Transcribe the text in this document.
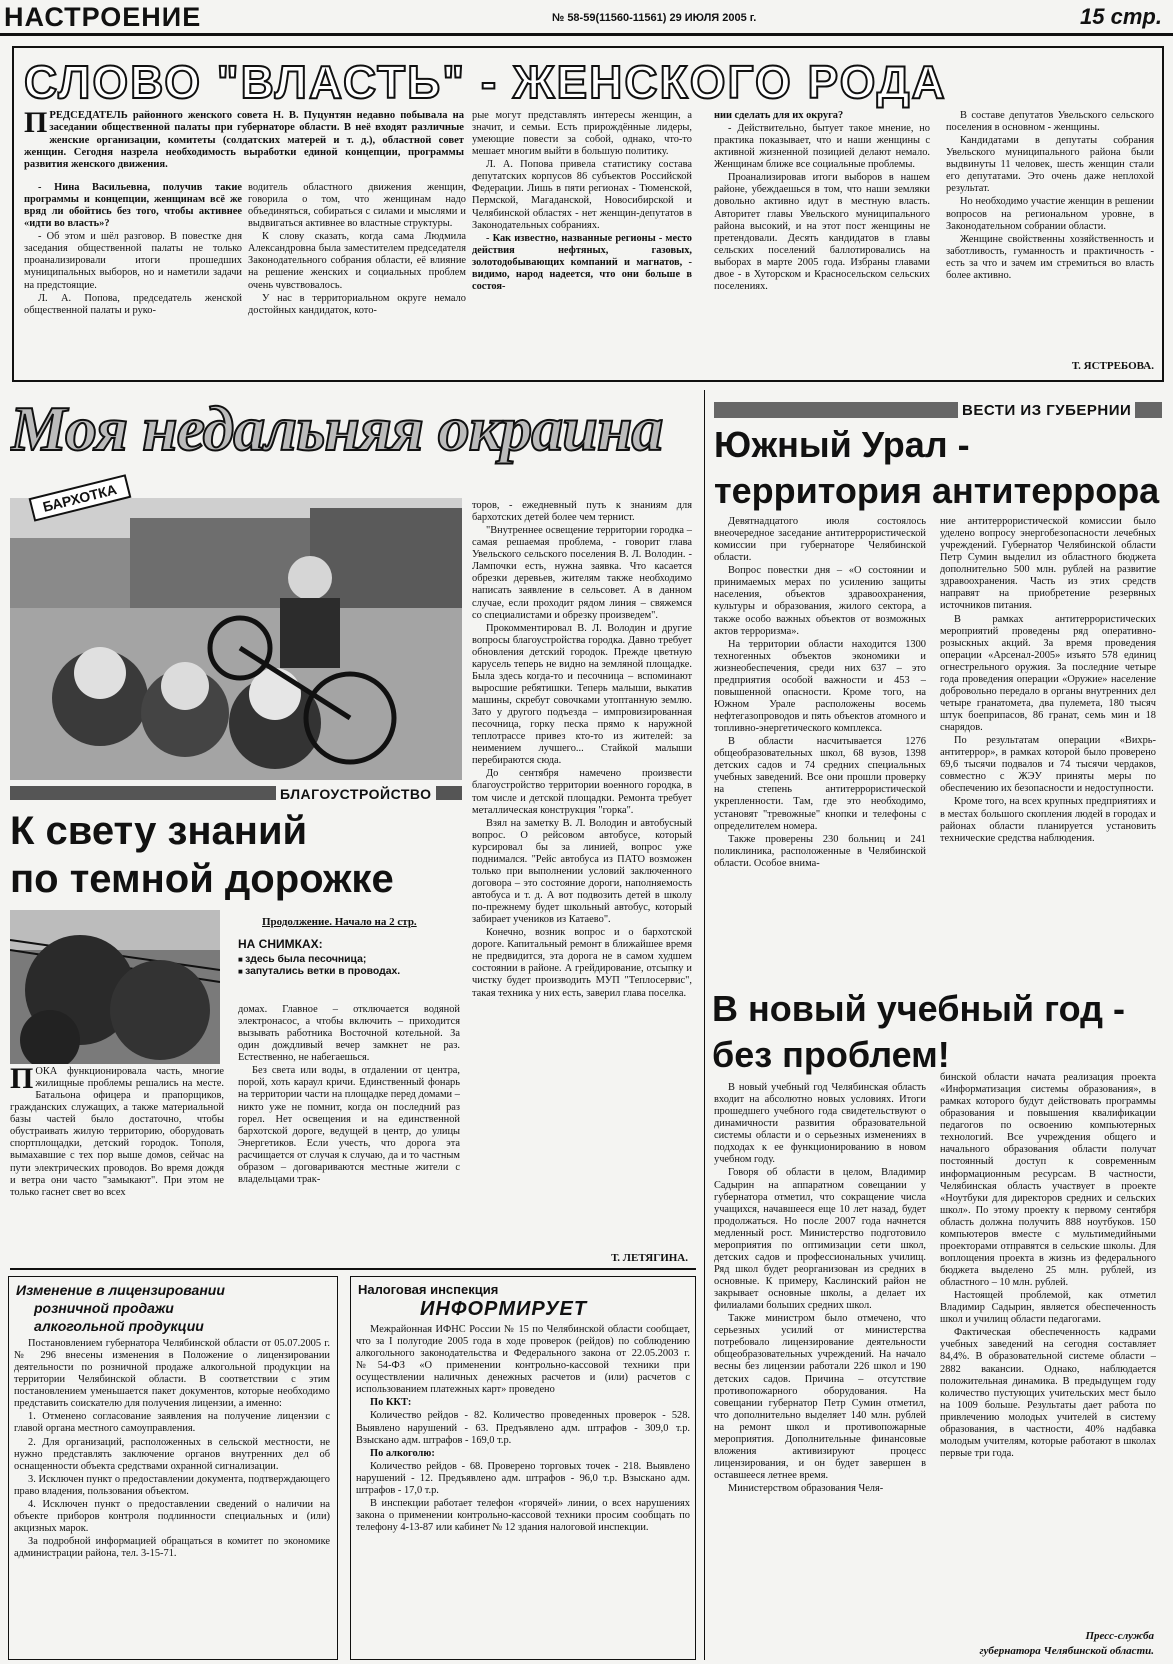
НАСТРОЕНИЕ	№ 58-59(11560-11561) 29 ИЮЛЯ 2005 г.	15 стр.
СЛОВО "ВЛАСТЬ" - ЖЕНСКОГО РОДА
ПРЕДСЕДАТЕЛЬ районного женского совета Н. В. Пуцунтян недавно побывала на заседании общественной палаты при губернаторе области. В неё входят различные женские организации, комитеты (солдатских матерей и т. д.), областной совет женщин. Сегодня назрела необходимость выработки единой концепции, программы развития женского движения.

- Нина Васильевна, получив такие программы и концепции, женщинам всё же вряд ли обойтись без того, чтобы активнее «идти во власть»?

- Об этом и шёл разговор. В повестке дня заседания общественной палаты не только проанализировали итоги прошедших муниципальных выборов, но и наметили задачи на предстоящие.

Л. А. Попова, председатель женской общественной палаты и руко-

водитель областного движения женщин, говорила о том, что женщинам надо объединяться, собираться с силами и мыслями и выдвигаться активнее во властные структуры.

К слову сказать, когда сама Людмила Александровна была заместителем председателя Законодательного собрания области, её влияние на решение женских и социальных проблем очень чувствовалось.

У нас в территориальном округе немало достойных кандидаток, кото-

рые могут представлять интересы женщин, а значит, и семьи. Есть прирождённые лидеры, умеющие повести за собой, однако, что-то мешает многим выйти в большую политику.

Л. А. Попова привела статистику состава депутатских корпусов 86 субъектов Российской Федерации. Лишь в пяти регионах - Тюменской, Пермской, Магаданской, Новосибирской и Челябинской областях - нет женщин-депутатов в Законодательных собраниях.

- Как известно, названные регионы - место действия нефтяных, газовых, золотодобывающих компаний и магнатов, - видимо, народ надеется, что они больше в состоя-

нии сделать для их округа?

- Действительно, бытует такое мнение, но практика показывает, что и наши женщины с активной жизненной позицией делают немало. Женщинам ближе все социальные проблемы.

Проанализировав итоги выборов в нашем районе, убеждаешься в том, что наши земляки довольно активно идут в местную власть. Авторитет главы Увельского муниципального района высокий, и на этот пост женщины не претендовали. Десять кандидатов в главы сельских поселений баллотировались на выборах в марте 2005 года. Избраны главами двое - в Хуторском и Красносельском сельских поселениях.

В составе депутатов Увельского сельского поселения в основном - женщины.

Кандидатами в депутаты собрания Увельского муниципального района были выдвинуты 11 человек, шесть женщин стали его депутатами. Это очень даже неплохой результат.

Но необходимо участие женщин в решении вопросов на региональном уровне, в Законодательном собрании области.

Женщине свойственны хозяйственность и заботливость, гуманность и практичность - есть за что и зачем им стремиться во власть более активно.

Т. ЯСТРЕБОВА.
Моя недальняя окраина
БАРХОТКА
БЛАГОУСТРОЙСТВО
К свету знаний
по темной дорожке
Продолжение. Начало на 2 стр.
НА СНИМКАХ:
■ здесь была песочница;
■ запутались ветки в проводах.
ПОКА функционировала часть, многие жилищные проблемы решались на месте. Батальона офицера и прапорщиков, гражданских служащих, а также материальной базы частей было достаточно, чтобы обустраивать жилую территорию, оборудовать спортплощадки, детский городок. Тополя, вымахавшие с тех пор выше домов, сейчас на пути электрических проводов. Во время дождя и ветра они часто "замыкают". При этом не только гаснет свет во всех

домах. Главное – отключается водяной электронасос, а чтобы включить – приходится вызывать работника Восточной котельной. За один дождливый вечер замкнет не раз. Естественно, не набегаешься.

Без света или воды, в отдалении от центра, порой, хоть караул кричи. Единственный фонарь на территории части на площадке перед домами – никто уже не помнит, когда он последний раз горел. Нет освещения и на единственной бархотской дороге, ведущей в центр, до улицы Энергетиков. Если учесть, что дорога эта расчищается от случая к случаю, да и то частным образом – договариваются местные жители с владельцами трак-

торов, - ежедневный путь к знаниям для бархотских детей более чем тернист.

"Внутреннее освещение территории городка – самая решаемая проблема, - говорит глава Увельского сельского поселения В. Л. Володин. - Лампочки есть, нужна заявка. Что касается обрезки деревьев, жителям также необходимо написать заявление в сельсовет. А в данном случае, если проходит рядом линия – свяжемся со специалистами и обрезку произведем".

Прокомментировал В. Л. Володин и другие вопросы благоустройства городка. Давно требует обновления детский городок. Прежде цветную карусель теперь не видно на земляной площадке. Была здесь когда-то и песочница – вспоминают выросшие ребятишки. Теперь малыши, выкатив машины, скребут совочками утоптанную землю. Зато у другого подъезда – импровизированная песочница, горку песка прямо к наружной теплотрассе привез кто-то из жителей: за неимением лучшего... Стайкой малыши перебираются сюда.

До сентября намечено произвести благоустройство территории военного городка, в том числе и детской площадки. Ремонта требует металлическая конструкция "горка".

Взял на заметку В. Л. Володин и автобусный вопрос. О рейсовом автобусе, который курсировал бы за линией, вопрос уже поднимался. "Рейс автобуса из ПАТО возможен только при выполнении условий заключенного договора – это состояние дороги, наполняемость автобуса и т. д. А вот подвозить детей в школу по-прежнему будет школьный автобус, который забирает учеников из Катаево".

Конечно, возник вопрос и о бархотской дороге. Капитальный ремонт в ближайшее время не предвидится, эта дорога не в самом худшем состоянии в районе. А грейдирование, отсыпку и чистку будет производить МУП "Теплосервис", такая техника у них есть, заверил глава поселка.

Т. ЛЕТЯГИНА.
ВЕСТИ ИЗ ГУБЕРНИИ
Южный Урал -
территория антитеррора

Девятнадцатого июля состоялось внеочередное заседание антитеррористической комиссии при губернаторе Челябинской области.

Вопрос повестки дня – «О состоянии и принимаемых мерах по усилению защиты населения, объектов здравоохранения, культуры и образования, жилого сектора, а также особо важных объектов от возможных актов терроризма».

На территории области находится 1300 техногенных объектов экономики и жизнеобеспечения, среди них 637 – это предприятия особой важности и 453 – повышенной опасности. Кроме того, на Южном Урале расположены восемь нефтегазопроводов и пять объектов атомного и топливно-энергетического комплекса.

В области насчитывается 1276 общеобразовательных школ, 68 вузов, 1398 детских садов и 74 средних специальных учебных заведений. Все они прошли проверку на степень антитеррористической укрепленности. Там, где это необходимо, установят "тревожные" кнопки и телефоны с определителем номера.

Также проверены 230 больниц и 241 поликлиника, расположенные в Челябинской области. Особое внима-

ние антитеррористической комиссии было уделено вопросу энергобезопасности лечебных учреждений. Губернатор Челябинской области Петр Сумин выделил из областного бюджета дополнительно 500 млн. рублей на развитие здравоохранения. Часть из этих средств направят на приобретение резервных источников питания.

В рамках антитеррористических мероприятий проведены ряд оперативно-розыскных акций. За время проведения операции «Арсенал-2005» изъято 578 единиц огнестрельного оружия. За последние четыре года проведения операции «Оружие» население добровольно передало в органы внутренних дел четыре гранатомета, два пулемета, 180 тысяч штук боеприпасов, 86 гранат, семь мин и 18 снарядов.

По результатам операции «Вихрь-антитеррор», в рамках которой было проверено 69,6 тысячи подвалов и 74 тысячи чердаков, совместно с ЖЭУ приняты меры по обеспечению их безопасности и недоступности.

Кроме того, на всех крупных предприятиях и в местах большого скопления людей в городах и районах области планируется установить технические средства наблюдения.

В новый учебный год -
без проблем!

В новый учебный год Челябинская область входит на абсолютно новых условиях. Итоги прошедшего учебного года свидетельствуют о динамичности развития образовательной системы области и о серьезных изменениях в подходах к ее функционированию в новом учебном году.

Говоря об области в целом, Владимир Садырин на аппаратном совещании у губернатора отметил, что сокращение числа учащихся, начавшееся еще 10 лет назад, будет продолжаться. Но после 2007 года начнется медленный рост. Министерство подготовило мероприятия по оптимизации сети школ, детских садов и профессиональных училищ. Ряд школ будет реорганизован из средних в основные. К примеру, Каслинский район не закрывает основные школы, а делает их филиалами больших средних школ.

Также министром было отмечено, что серьезных усилий от министерства потребовало лицензирование деятельности общеобразовательных учреждений. На начало весны без лицензии работали 226 школ и 190 детских садов. Причина – отсутствие противопожарного оборудования. На совещании губернатор Петр Сумин отметил, что дополнительно выделяет 140 млн. рублей на ремонт школ и противопожарные мероприятия. Дополнительные финансовые вложения активизируют процесс лицензирования, и он будет завершен в оставшееся летнее время.

Министерством образования Челя-

бинской области начата реализация проекта «Информатизация системы образования», в рамках которого будут действовать программы образования и повышения квалификации педагогов по освоению компьютерных технологий. Все учреждения общего и начального образования области получат постоянный доступ к современным информационным ресурсам. В частности, Челябинская область участвует в проекте «Ноутбуки для директоров средних и сельских школ». По этому проекту к первому сентября область должна получить 888 ноутбуков. 150 компьютеров вместе с мультимедийными проекторами отправятся в сельские школы. Для воплощения проекта в жизнь из федерального бюджета выделено 25 млн. рублей, из областного – 10 млн. рублей.

Настоящей проблемой, как отметил Владимир Садырин, является обеспеченность школ и училищ области педагогами.

Фактическая обеспеченность кадрами учебных заведений на сегодня составляет 84,4%. В образовательной системе области – 2882 вакансии. Однако, наблюдается положительная динамика. В предыдущем году количество пустующих учительских мест было на 1009 больше. Результаты дает работа по привлечению молодых учителей в систему образования, в частности, 40% надбавка молодым учителям, которые работают в школах первые три года.

Пресс-служба
губернатора Челябинской области.
Изменение в лицензировании
розничной продажи
алкогольной продукции

Постановлением губернатора Челябинской области от 05.07.2005 г. № 296 внесены изменения в Положение о лицензировании деятельности по розничной продаже алкогольной продукции на территории Челябинской области. В соответствии с этим постановлением уменьшается пакет документов, которые необходимо представить соискателю для получения лицензии, а именно:

1. Отменено согласование заявления на получение лицензии с главой органа местного самоуправления.

2. Для организаций, расположенных в сельской местности, не нужно представлять заключение органов внутренних дел об оснащенности объекта средствами охранной сигнализации.

3. Исключен пункт о предоставлении документа, подтверждающего право владения, пользования объектом.

4. Исключен пункт о предоставлении сведений о наличии на объекте приборов контроля подлинности специальных и (или) акцизных марок.

За подробной информацией обращаться в комитет по экономике администрации района, тел. 3-15-71.

Налоговая инспекция
ИНФОРМИРУЕТ

Межрайонная ИФНС России № 15 по Челябинской области сообщает, что за I полугодие 2005 года в ходе проверок (рейдов) по соблюдению алкогольного законодательства и Федерального закона от 22.05.2003 г. №54-ФЗ «О применении контрольно-кассовой техники при осуществлении наличных денежных расчетов и (или) расчетов с использованием платежных карт» проведено

По ККТ:

Количество рейдов - 82. Количество проведенных проверок - 528. Выявлено нарушений - 63. Предъявлено адм. штрафов - 309,0 т.р. Взыскано адм. штрафов - 169,0 т.р.

По алкоголю:

Количество рейдов - 68. Проверено торговых точек - 218. Выявлено нарушений - 12. Предъявлено адм. штрафов - 96,0 т.р. Взыскано адм. штрафов - 17,0 т.р.

В инспекции работает телефон «горячей» линии, о всех нарушениях закона о применении контрольно-кассовой техники просим сообщать по телефону 4-13-87 или кабинет № 12 здания налоговой инспекции.
